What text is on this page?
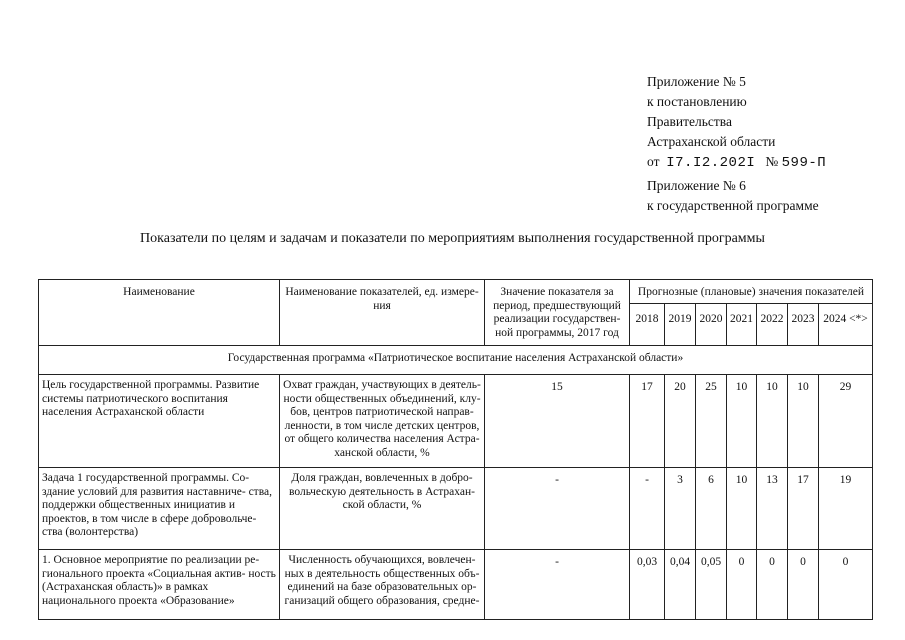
Приложение № 5
к постановлению
Правительства
Астраханской области
от I7.I2.202I № 599-П
Приложение № 6
к государственной программе
Показатели по целям и задачам и показатели по мероприятиям выполнения государственной программы
Наименование	Наименование показателей, ед. измере- ния	Значение показателя за период, предшествующий реализации государствен- ной программы, 2017 год	Прогнозные (плановые) значения показателей						
			2018	2019	2020	2021	2022	2023	2024 <*>
Государственная программа «Патриотическое воспитание населения Астраханской области»									
Цель государственной программы. Развитие системы патриотического воспитания населения Астраханской области	Охват граждан, участвующих в деятель- ности общественных объединений, клу- бов, центров патриотической направ- ленности, в том числе детских центров, от общего количества населения Астра- ханской области, %	15	17	20	25	10	10	10	29
Задача 1 государственной программы. Со- здание условий для развития наставниче- ства, поддержки общественных инициатив и проектов, в том числе в сфере добровольче- ства (волонтерства)	Доля граждан, вовлеченных в добро- вольческую деятельность в Астрахан- ской области, %	-	-	3	6	10	13	17	19
1. Основное мероприятие по реализации ре- гионального проекта «Социальная актив- ность (Астраханская область)» в рамках национального проекта «Образование»	Численность обучающихся, вовлечен- ных в деятельность общественных объ- единений на базе образовательных ор- ганизаций общего образования, средне-	-	0,03	0,04	0,05	0	0	0	0
